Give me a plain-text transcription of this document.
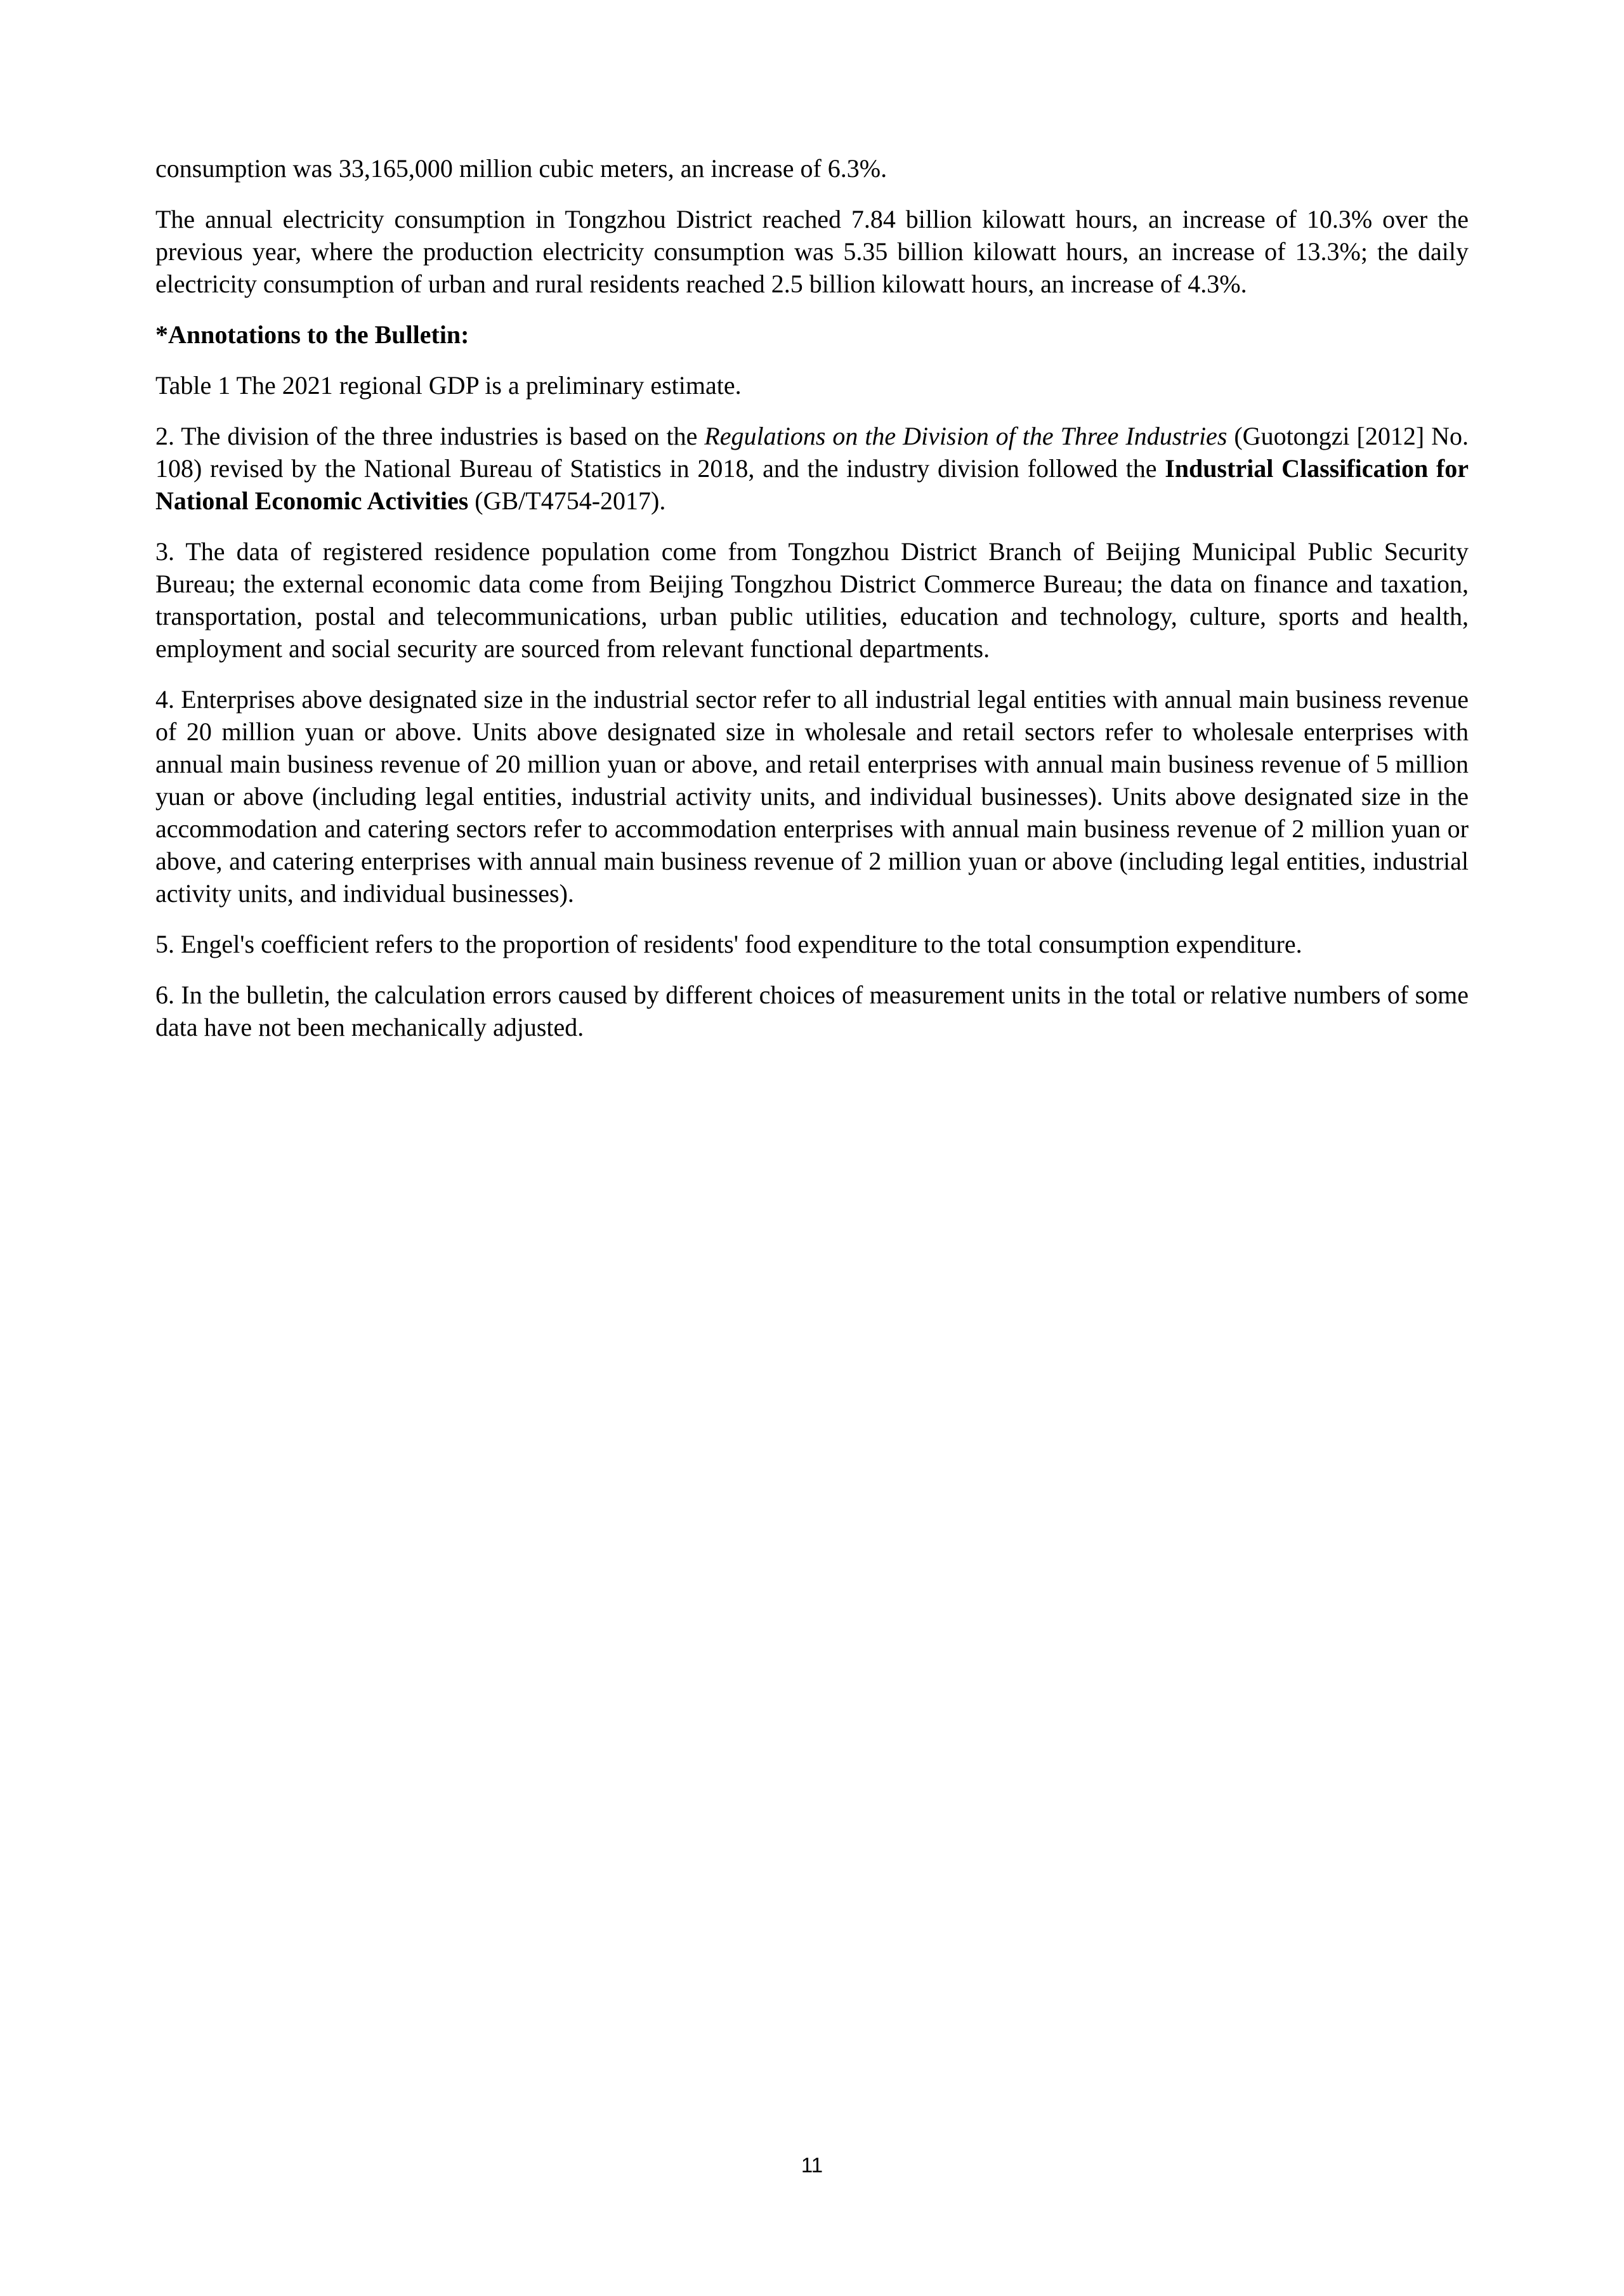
consumption was 33,165,000 million cubic meters, an increase of 6.3%.

The annual electricity consumption in Tongzhou District reached 7.84 billion kilowatt hours, an increase of 10.3% over the previous year, where the production electricity consumption was 5.35 billion kilowatt hours, an increase of 13.3%; the daily electricity consumption of urban and rural residents reached 2.5 billion kilowatt hours, an increase of 4.3%.

*Annotations to the Bulletin:

Table 1 The 2021 regional GDP is a preliminary estimate.

2. The division of the three industries is based on the Regulations on the Division of the Three Industries (Guotongzi [2012] No. 108) revised by the National Bureau of Statistics in 2018, and the industry division followed the Industrial Classification for National Economic Activities (GB/T4754-2017).

3. The data of registered residence population come from Tongzhou District Branch of Beijing Municipal Public Security Bureau; the external economic data come from Beijing Tongzhou District Commerce Bureau; the data on finance and taxation, transportation, postal and telecommunications, urban public utilities, education and technology, culture, sports and health, employment and social security are sourced from relevant functional departments.

4. Enterprises above designated size in the industrial sector refer to all industrial legal entities with annual main business revenue of 20 million yuan or above. Units above designated size in wholesale and retail sectors refer to wholesale enterprises with annual main business revenue of 20 million yuan or above, and retail enterprises with annual main business revenue of 5 million yuan or above (including legal entities, industrial activity units, and individual businesses). Units above designated size in the accommodation and catering sectors refer to accommodation enterprises with annual main business revenue of 2 million yuan or above, and catering enterprises with annual main business revenue of 2 million yuan or above (including legal entities, industrial activity units, and individual businesses).

5. Engel's coefficient refers to the proportion of residents' food expenditure to the total consumption expenditure.

6. In the bulletin, the calculation errors caused by different choices of measurement units in the total or relative numbers of some data have not been mechanically adjusted.

11
